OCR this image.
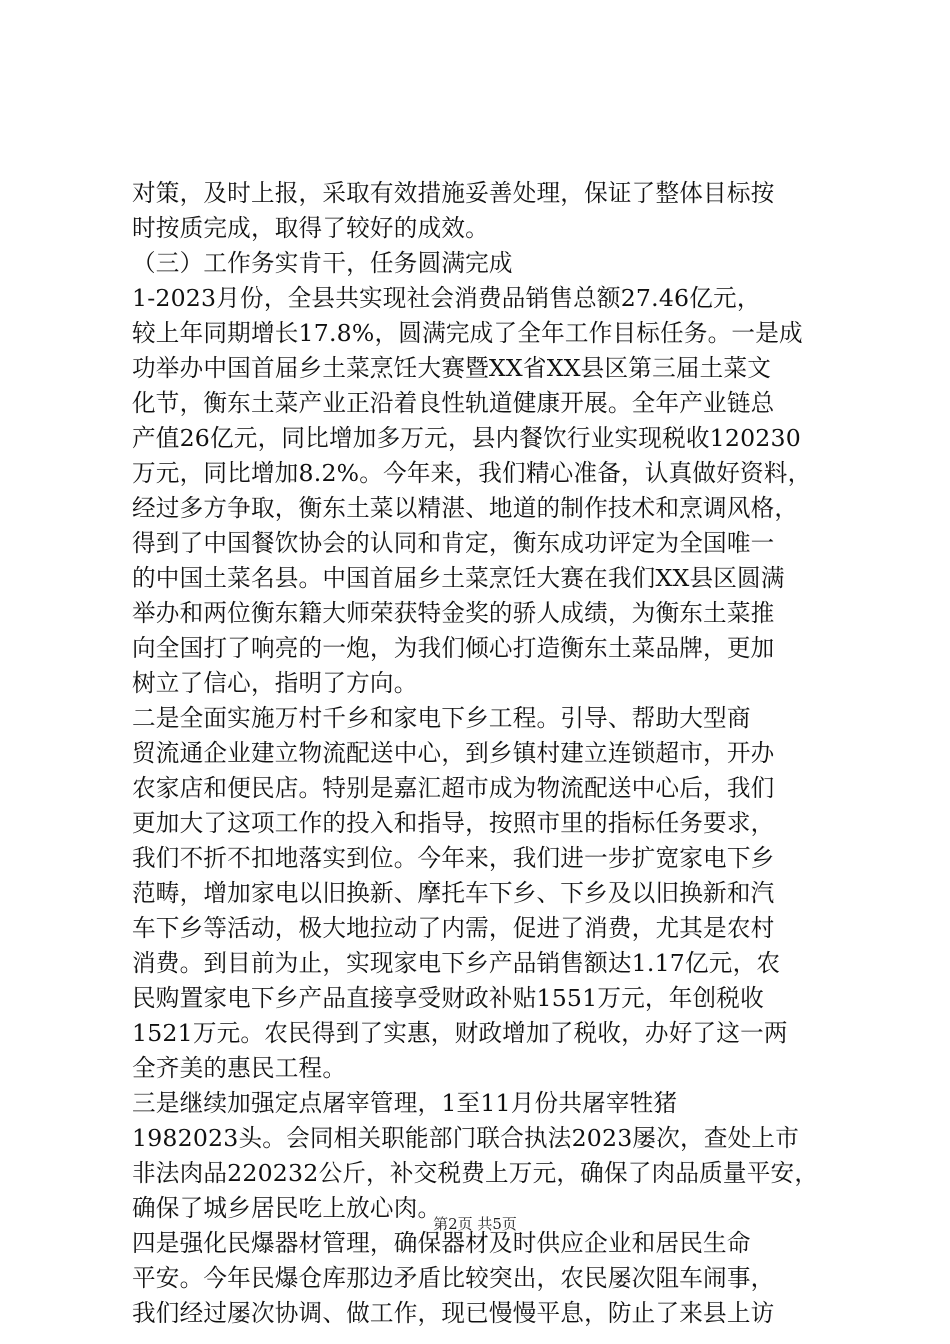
对策，及时上报，采取有效措施妥善处理，保证了整体目标按
时按质完成，取得了较好的成效。
（三）工作务实肯干，任务圆满完成
1-2023月份，全县共实现社会消费品销售总额27.46亿元，
较上年同期增长17.8%，圆满完成了全年工作目标任务。一是成
功举办中国首届乡土菜烹饪大赛暨XX省XX县区第三届土菜文
化节，衡东土菜产业正沿着良性轨道健康开展。全年产业链总
产值26亿元，同比增加多万元，县内餐饮行业实现税收120230
万元，同比增加8.2%。今年来，我们精心准备，认真做好资料，
经过多方争取，衡东土菜以精湛、地道的制作技术和烹调风格，
得到了中国餐饮协会的认同和肯定，衡东成功评定为全国唯一
的中国土菜名县。中国首届乡土菜烹饪大赛在我们XX县区圆满
举办和两位衡东籍大师荣获特金奖的骄人成绩，为衡东土菜推
向全国打了响亮的一炮，为我们倾心打造衡东土菜品牌，更加
树立了信心，指明了方向。
二是全面实施万村千乡和家电下乡工程。引导、帮助大型商
贸流通企业建立物流配送中心，到乡镇村建立连锁超市，开办
农家店和便民店。特别是嘉汇超市成为物流配送中心后，我们
更加大了这项工作的投入和指导，按照市里的指标任务要求，
我们不折不扣地落实到位。今年来，我们进一步扩宽家电下乡
范畴，增加家电以旧换新、摩托车下乡、下乡及以旧换新和汽
车下乡等活动，极大地拉动了内需，促进了消费，尤其是农村
消费。到目前为止，实现家电下乡产品销售额达1.17亿元，农
民购置家电下乡产品直接享受财政补贴1551万元，年创税收
1521万元。农民得到了实惠，财政增加了税收，办好了这一两
全齐美的惠民工程。
三是继续加强定点屠宰管理，1至11月份共屠宰牲猪
1982023头。会同相关职能部门联合执法2023屡次，查处上市
非法肉品220232公斤，补交税费上万元，确保了肉品质量平安，
确保了城乡居民吃上放心肉。
四是强化民爆器材管理，确保器材及时供应企业和居民生命
平安。今年民爆仓库那边矛盾比较突出，农民屡次阻车闹事，
我们经过屡次协调、做工作，现已慢慢平息，防止了来县上访
第2页 共5页
